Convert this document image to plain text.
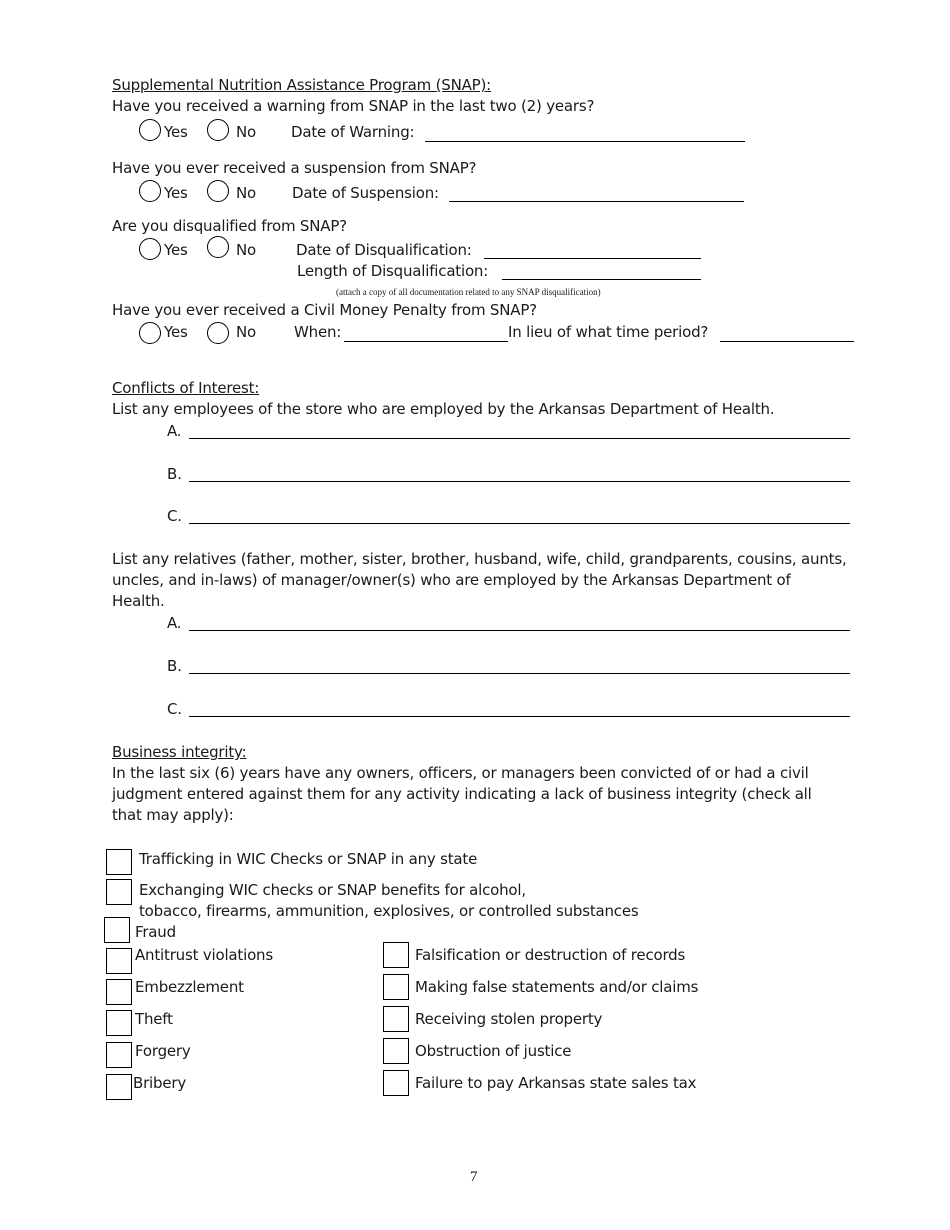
Supplemental Nutrition Assistance Program (SNAP):
Have you received a warning from SNAP in the last two (2) years?
Yes	No Date of Warning:
Have you ever received a suspension from SNAP?
Yes	No Date of Suspension:
Are you disqualified from SNAP?
Yes	No	Date of Disqualification:
Length of Disqualification:
(attach a copy of all documentation related to any SNAP disqualification)
Have you ever received a Civil Money Penalty from SNAP?
Yes	No	When:	In lieu of what time period?
Conflicts of Interest:
List any employees of the store who are employed by the Arkansas Department of Health.
A.
B.
C.
List any relatives (father, mother, sister, brother, husband, wife, child, grandparents, cousins, aunts, uncles, and in-laws) of manager/owner(s) who are employed by the Arkansas Department of Health.
A.
B.
C.
Business integrity:
In the last six (6) years have any owners, officers, or managers been convicted of or had a civil judgment entered against them for any activity indicating a lack of business integrity (check all that may apply):
Trafficking in WIC Checks or SNAP in any state
Exchanging WIC checks or SNAP benefits for alcohol,
tobacco, firearms, ammunition, explosives, or controlled substances
Fraud
Antitrust violations
Embezzlement
Theft
Forgery
Bribery
Falsification or destruction of records
Making false statements and/or claims
Receiving stolen property
Obstruction of justice
Failure to pay Arkansas state sales tax
7
